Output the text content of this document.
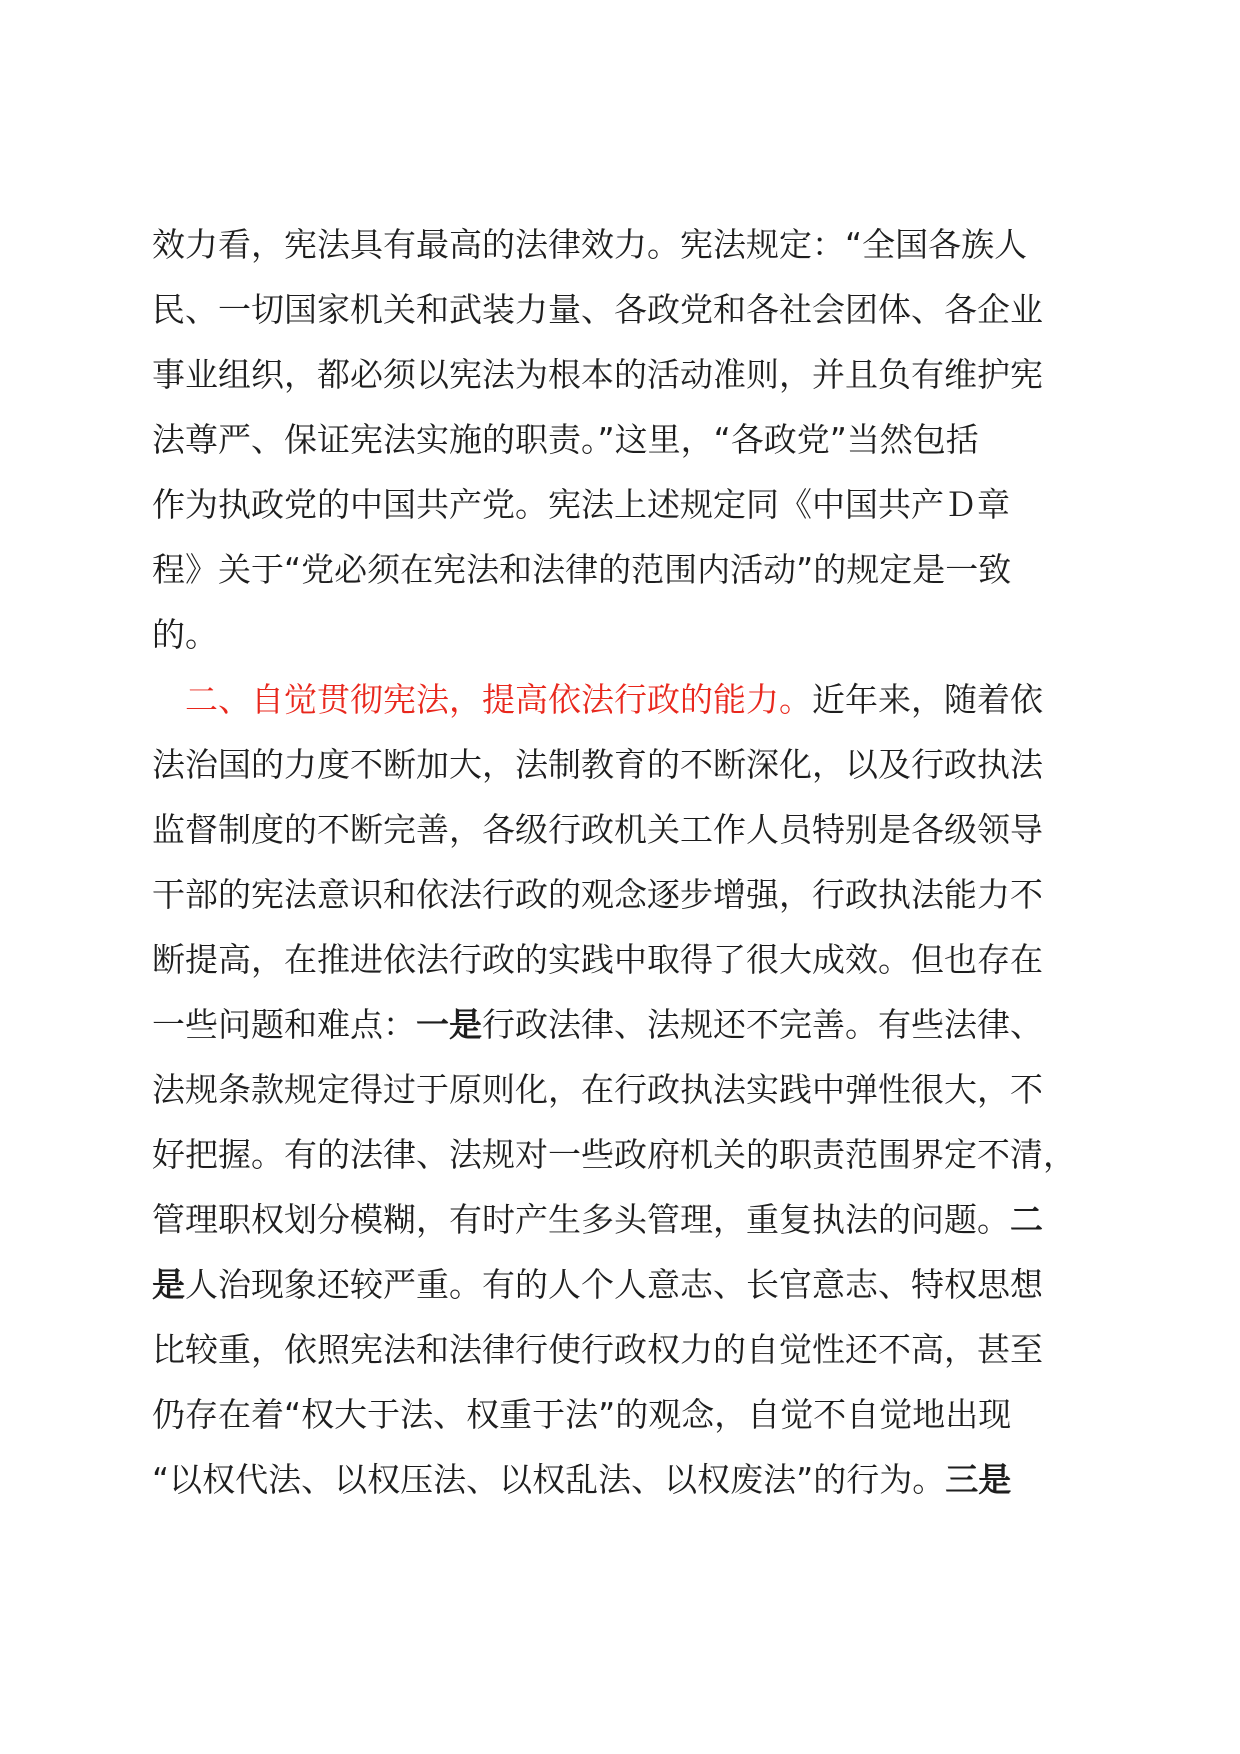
效力看，宪法具有最高的法律效力。宪法规定：“全国各族人
民、一切国家机关和武装力量、各政党和各社会团体、各企业
事业组织，都必须以宪法为根本的活动准则，并且负有维护宪
法尊严、保证宪法实施的职责。”这里，“各政党”当然包括
作为执政党的中国共产党。宪法上述规定同《中国共产Ｄ章
程》关于“党必须在宪法和法律的范围内活动”的规定是一致
的。
二、自觉贯彻宪法，提高依法行政的能力。近年来，随着依
法治国的力度不断加大，法制教育的不断深化，以及行政执法
监督制度的不断完善，各级行政机关工作人员特别是各级领导
干部的宪法意识和依法行政的观念逐步增强，行政执法能力不
断提高，在推进依法行政的实践中取得了很大成效。但也存在
一些问题和难点：一是行政法律、法规还不完善。有些法律、
法规条款规定得过于原则化，在行政执法实践中弹性很大，不
好把握。有的法律、法规对一些政府机关的职责范围界定不清，
管理职权划分模糊，有时产生多头管理，重复执法的问题。二
是人治现象还较严重。有的人个人意志、长官意志、特权思想
比较重，依照宪法和法律行使行政权力的自觉性还不高，甚至
仍存在着“权大于法、权重于法”的观念，自觉不自觉地出现
“以权代法、以权压法、以权乱法、以权废法”的行为。三是
